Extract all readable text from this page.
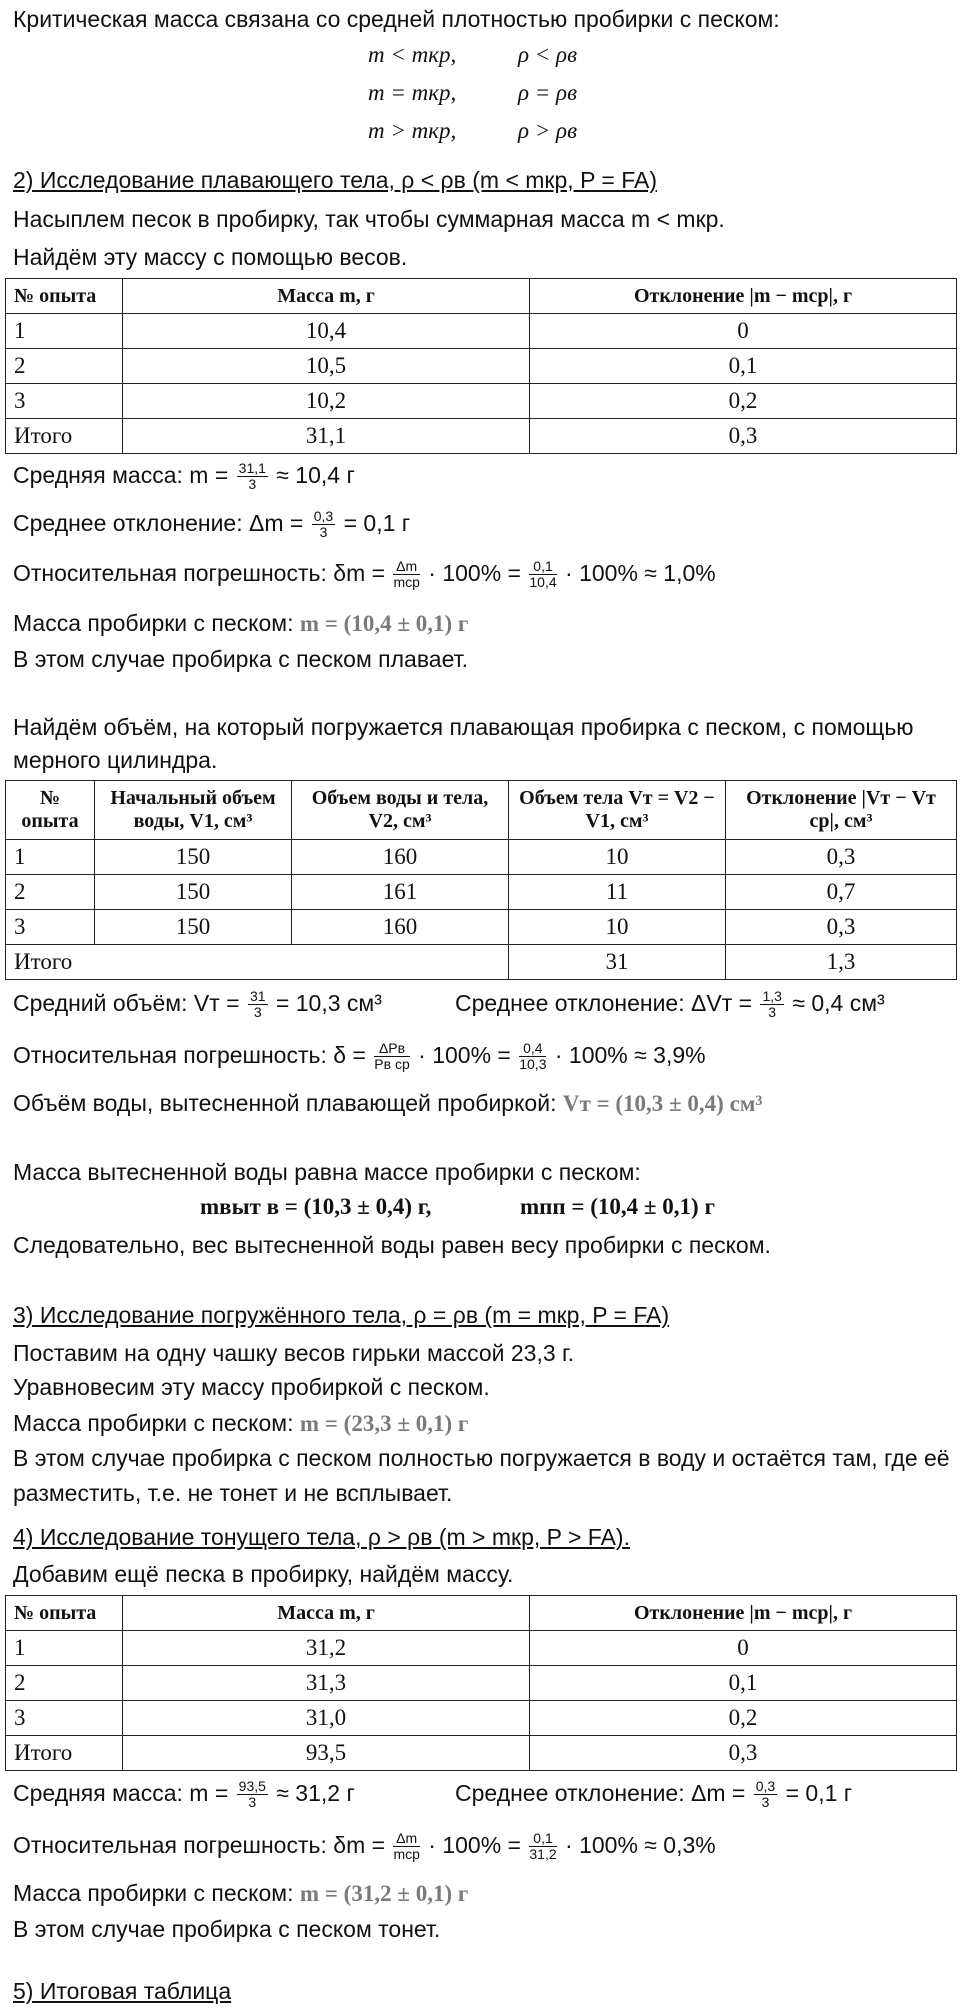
Критическая масса связана со средней плотностью пробирки с песком:
m < mкр,	ρ < ρв
m = mкр,	ρ = ρв
m > mкр,	ρ > ρв
2) Исследование плавающего тела, ρ < ρв (m < mкр, P = FA)
Насыплем песок в пробирку, так чтобы суммарная масса m < mкр.
Найдём эту массу с помощью весов.
№ опыта	Масса m, г	Отклонение |m − mср|, г
1	10,4	0
2	10,5	0,1
3	10,2	0,2
Итого	31,1	0,3
Средняя масса: $m = \frac{31,1}{3} \approx 10,4$ г
Среднее отклонение: $\Delta m = \frac{0,3}{3} = 0,1$ г
Относительная погрешность: $\delta m = \frac{\Delta m}{\text{mср}} \cdot 100\% = \frac{0,1}{10,4} \cdot 100\% \approx 1,0\%$
Масса пробирки с песком: m = (10,4 ± 0,1) г
В этом случае пробирка с песком плавает.
Найдём объём, на который погружается плавающая пробирка с песком, с помощью
мерного цилиндра.
№ опыта	Начальный объем воды, V1, см³	Объем воды и тела, V2, см³	Объем тела Vт = V2 − V1, см³	Отклонение |Vт − Vт ср|, см³
1	150	160	10	0,3
2	150	161	11	0,7
3	150	160	10	0,3
Итого			31	1,3
Средний объём: Vт = $\frac{31}{3} = 10,3$ см³	Среднее отклонение: $\Delta Vт = \frac{1,3}{3} \approx 0,4$ см³
Относительная погрешность: $\delta = \frac{\text{ΔPв}}{\text{Pв ср}} \cdot 100\% = \frac{0,4}{10,3} \cdot 100\% \approx 3,9\%$
Объём воды, вытесненной плавающей пробиркой: Vт = (10,3 ± 0,4) см³
Масса вытесненной воды равна массе пробирки с песком:
mвыт в = (10,3 ± 0,4) г,	mпп = (10,4 ± 0,1) г
Следовательно, вес вытесненной воды равен весу пробирки с песком.
3) Исследование погружённого тела, ρ = ρв (m = mкр, P = FA)
Поставим на одну чашку весов гирьки массой 23,3 г.
Уравновесим эту массу пробиркой с песком.
Масса пробирки с песком: m = (23,3 ± 0,1) г
В этом случае пробирка с песком полностью погружается в воду и остаётся там, где её
разместить, т.е. не тонет и не всплывает.
4) Исследование тонущего тела, ρ > ρв (m > mкр, P > FA).
Добавим ещё песка в пробирку, найдём массу.
№ опыта	Масса m, г	Отклонение |m − mср|, г
1	31,2	0
2	31,3	0,1
3	31,0	0,2
Итого	93,5	0,3
Средняя масса: $m = \frac{93,5}{3} \approx 31,2$ г	Среднее отклонение: $\Delta m = \frac{0,3}{3} = 0,1$ г
Относительная погрешность: $\delta m = \frac{\Delta m}{\text{mср}} \cdot 100\% = \frac{0,1}{31,2} \cdot 100\% \approx 0,3\%$
Масса пробирки с песком: m = (31,2 ± 0,1) г
В этом случае пробирка с песком тонет.
5) Итоговая таблица
